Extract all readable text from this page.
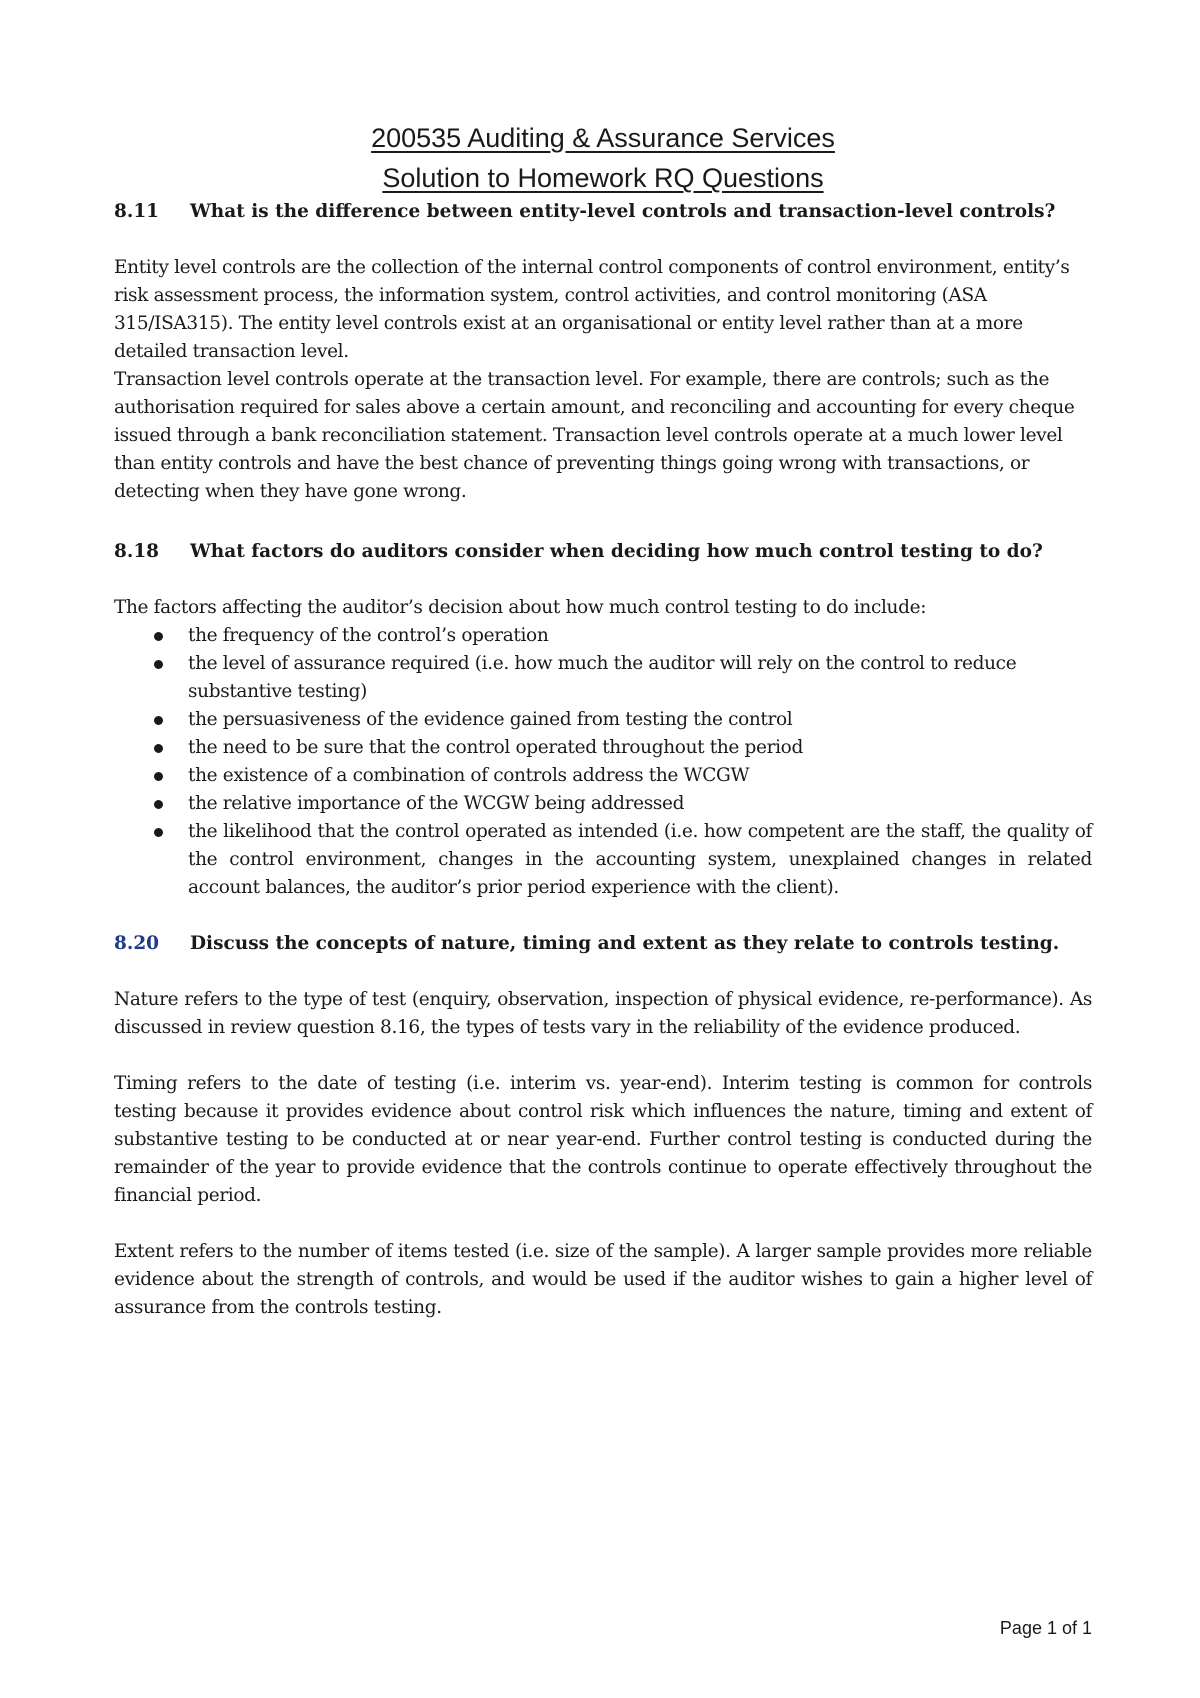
200535 Auditing & Assurance Services
Solution to Homework RQ Questions
8.11	What is the difference between entity-level controls and transaction-level controls?

Entity level controls are the collection of the internal control components of control environment, entity’s risk assessment process, the information system, control activities, and control monitoring (ASA 315/ISA315). The entity level controls exist at an organisational or entity level rather than at a more detailed transaction level.

Transaction level controls operate at the transaction level. For example, there are controls; such as the authorisation required for sales above a certain amount, and reconciling and accounting for every cheque issued through a bank reconciliation statement. Transaction level controls operate at a much lower level than entity controls and have the best chance of preventing things going wrong with transactions, or detecting when they have gone wrong.

8.18	What factors do auditors consider when deciding how much control testing to do?

The factors affecting the auditor’s decision about how much control testing to do include:

the frequency of the control’s operation
the level of assurance required (i.e. how much the auditor will rely on the control to reduce substantive testing)
the persuasiveness of the evidence gained from testing the control
the need to be sure that the control operated throughout the period
the existence of a combination of controls address the WCGW
the relative importance of the WCGW being addressed
the likelihood that the control operated as intended (i.e. how competent are the staff, the quality of the control environment, changes in the accounting system, unexplained changes in related account balances, the auditor’s prior period experience with the client).
8.20	Discuss the concepts of nature, timing and extent as they relate to controls testing.

Nature refers to the type of test (enquiry, observation, inspection of physical evidence, re-performance). As discussed in review question 8.16, the types of tests vary in the reliability of the evidence produced.

Timing refers to the date of testing (i.e. interim vs. year-end). Interim testing is common for controls testing because it provides evidence about control risk which influences the nature, timing and extent of substantive testing to be conducted at or near year-end. Further control testing is conducted during the remainder of the year to provide evidence that the controls continue to operate effectively throughout the financial period.

Extent refers to the number of items tested (i.e. size of the sample). A larger sample provides more reliable evidence about the strength of controls, and would be used if the auditor wishes to gain a higher level of assurance from the controls testing.

Page 1 of 1
